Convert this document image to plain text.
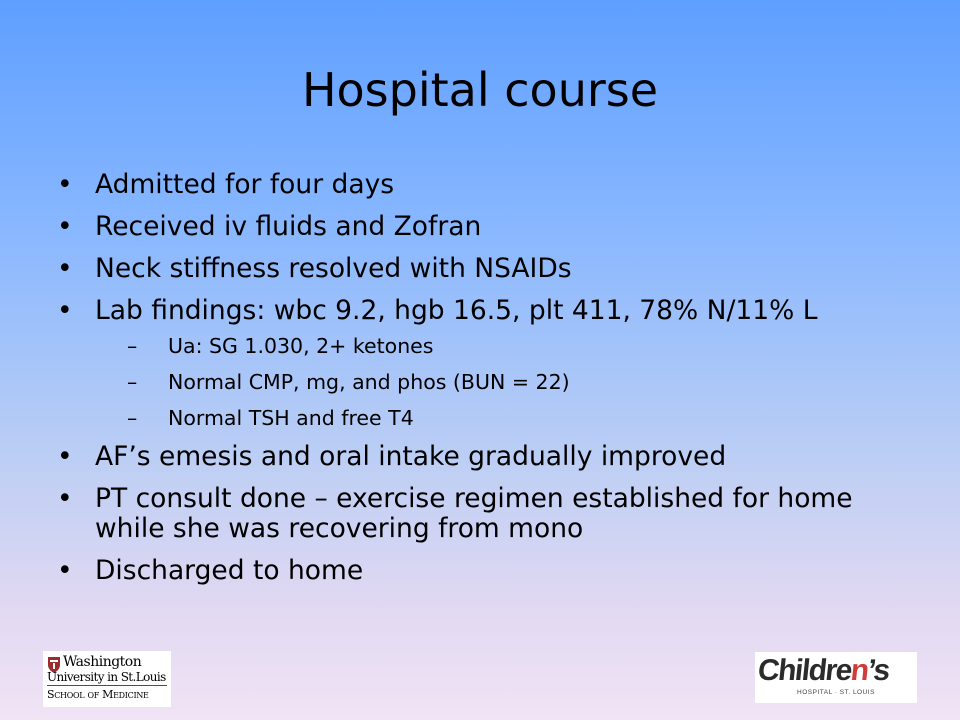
Hospital course
• Admitted for four days
• Received iv fluids and Zofran
• Neck stiffness resolved with NSAIDs
• Lab findings: wbc 9.2, hgb 16.5, plt 411, 78% N/11% L
– Ua: SG 1.030, 2+ ketones
– Normal CMP, mg, and phos (BUN = 22)
– Normal TSH and free T4
• AF’s emesis and oral intake gradually improved
• PT consult done – exercise regimen established for home while she was recovering from mono
• Discharged to home
Washington
University in St.Louis
School of Medicine
Children’s
HOSPITAL · ST. LOUIS
